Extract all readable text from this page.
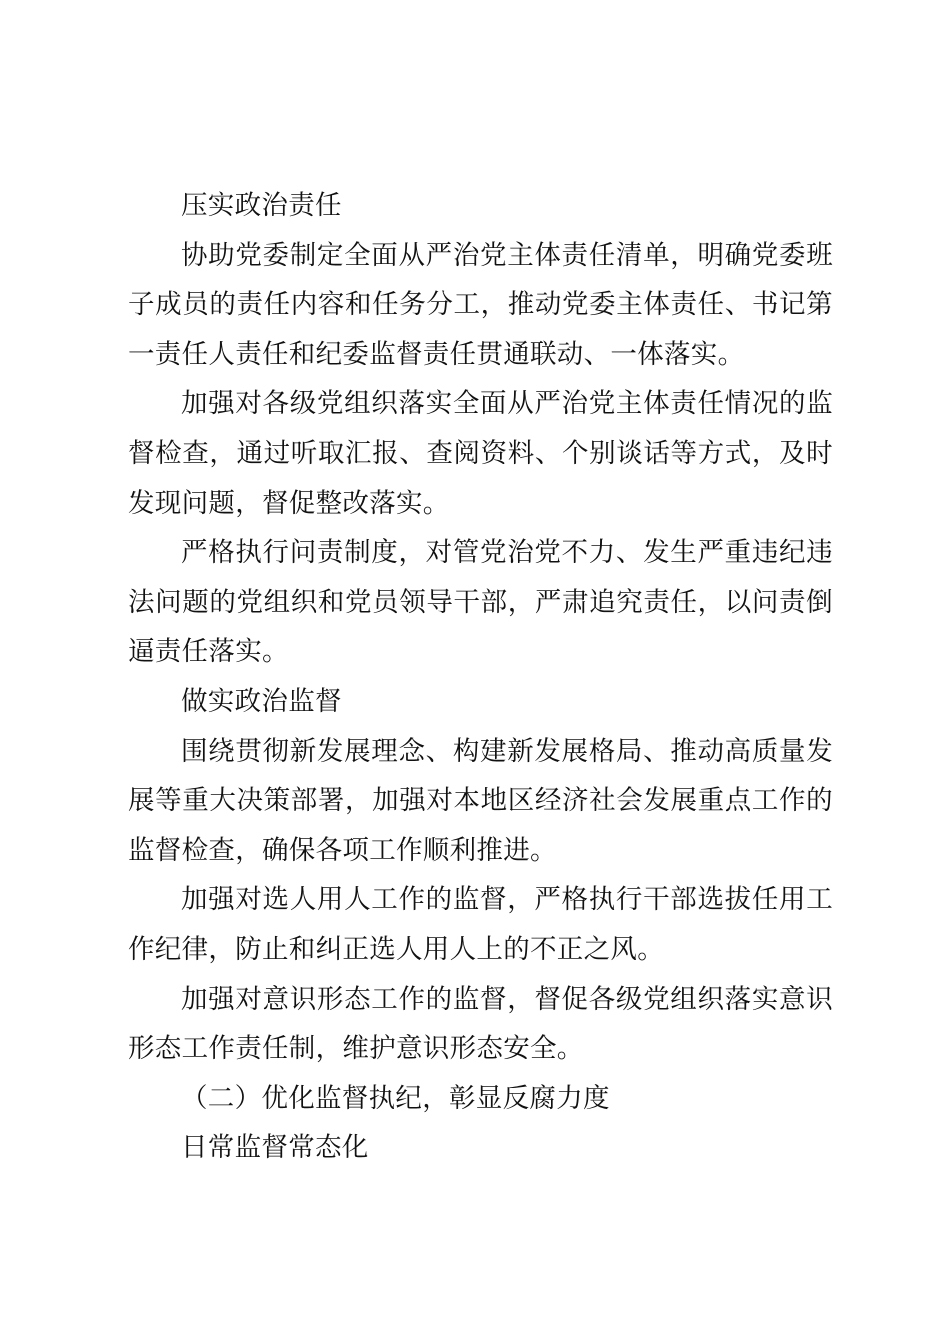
压实政治责任

协助党委制定全面从严治党主体责任清单，明确党委班子成员的责任内容和任务分工，推动党委主体责任、书记第一责任人责任和纪委监督责任贯通联动、一体落实。

加强对各级党组织落实全面从严治党主体责任情况的监督检查，通过听取汇报、查阅资料、个别谈话等方式，及时发现问题，督促整改落实。

严格执行问责制度，对管党治党不力、发生严重违纪违法问题的党组织和党员领导干部，严肃追究责任，以问责倒逼责任落实。

做实政治监督

围绕贯彻新发展理念、构建新发展格局、推动高质量发展等重大决策部署，加强对本地区经济社会发展重点工作的监督检查，确保各项工作顺利推进。

加强对选人用人工作的监督，严格执行干部选拔任用工作纪律，防止和纠正选人用人上的不正之风。

加强对意识形态工作的监督，督促各级党组织落实意识形态工作责任制，维护意识形态安全。

（二）优化监督执纪，彰显反腐力度

日常监督常态化
